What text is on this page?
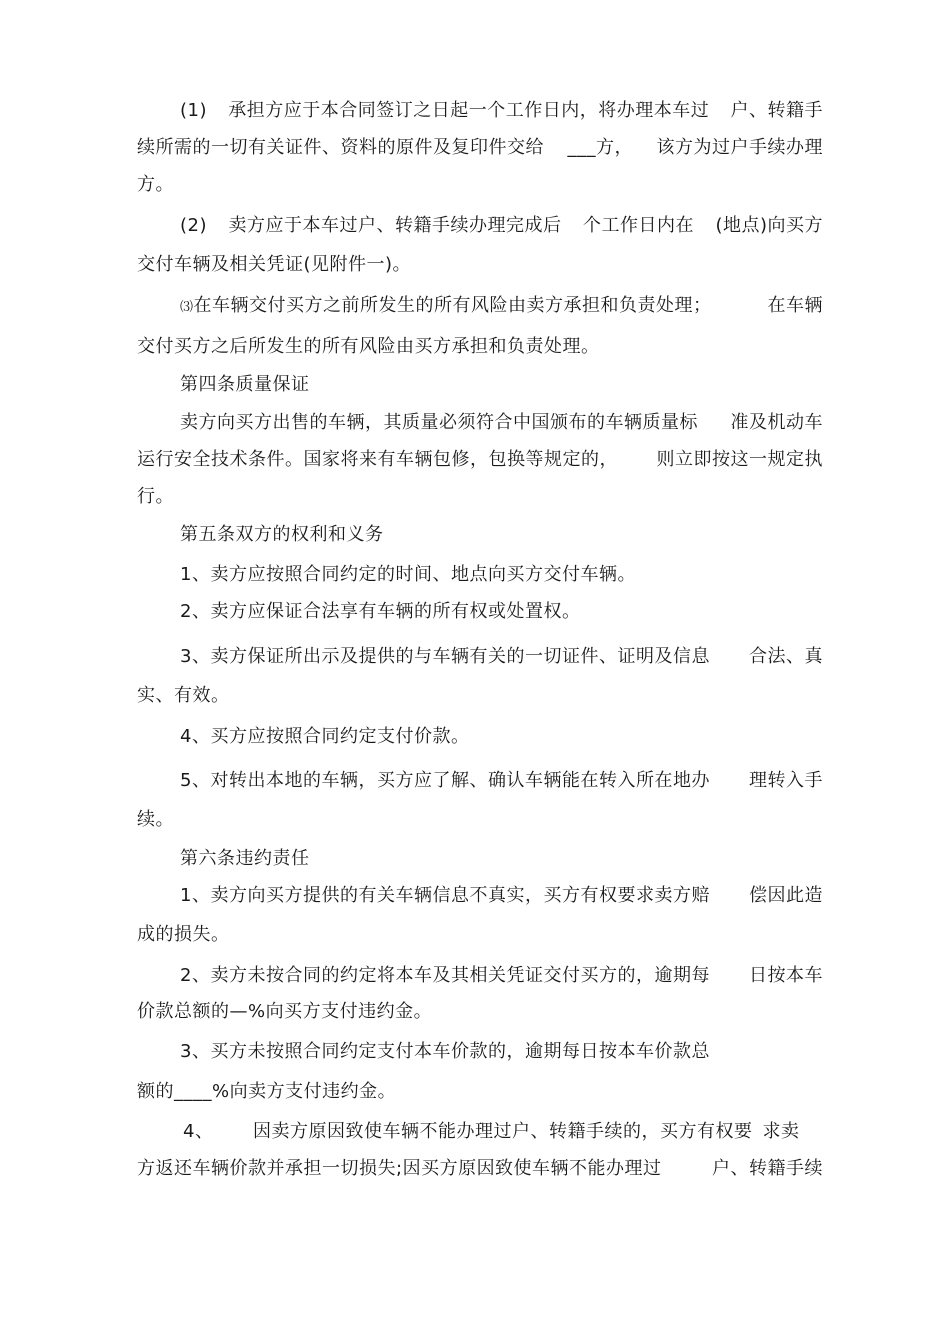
(1) 承担方应于本合同签订之日起一个工作日内，将办理本车过 户、转籍手

续所需的一切有关证件、资料的原件及复印件交给 ___方， 该方为过户手续办理

方。

(2) 卖方应于本车过户、转籍手续办理完成后 个工作日内在 (地点)向买方

交付车辆及相关凭证(见附件一)。

⑶在车辆交付买方之前所发生的所有风险由卖方承担和负责处理；	在车辆

交付买方之后所发生的所有风险由买方承担和负责处理。

第四条质量保证

卖方向买方出售的车辆，其质量必须符合中国颁布的车辆质量标 准及机动车

运行安全技术条件。国家将来有车辆包修，包换等规定的， 则立即按这一规定执

行。

第五条双方的权利和义务

1、卖方应按照合同约定的时间、地点向买方交付车辆。

2、卖方应保证合法享有车辆的所有权或处置权。

3、卖方保证所出示及提供的与车辆有关的一切证件、证明及信息 合法、真

实、有效。

4、买方应按照合同约定支付价款。

5、对转出本地的车辆，买方应了解、确认车辆能在转入所在地办 理转入手

续。

第六条违约责任

1、卖方向买方提供的有关车辆信息不真实，买方有权要求卖方赔 偿因此造

成的损失。

2、卖方未按合同的约定将本车及其相关凭证交付买方的，逾期每 日按本车

价款总额的—%向买方支付违约金。

3、买方未按照合同约定支付本车价款的，逾期每日按本车价款总

额的____%向卖方支付违约金。

4、 因卖方原因致使车辆不能办理过户、转籍手续的，买方有权要 求卖

方返还车辆价款并承担一切损失;因买方原因致使车辆不能办理过	户、转籍手续
